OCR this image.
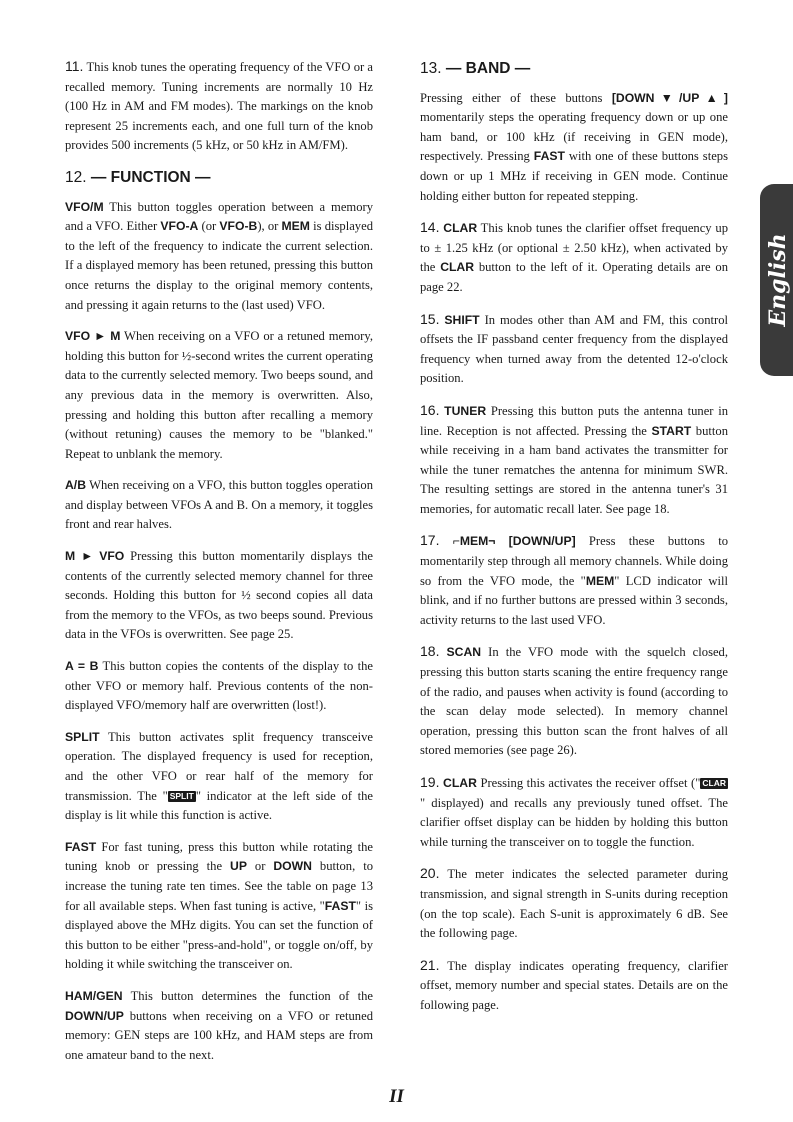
11. This knob tunes the operating frequency of the VFO or a recalled memory. Tuning increments are normally 10 Hz (100 Hz in AM and FM modes). The markings on the knob represent 25 increments each, and one full turn of the knob provides 500 increments (5 kHz, or 50 kHz in AM/FM).

12. — FUNCTION —

VFO/M This button toggles operation between a memory and a VFO. Either VFO-A (or VFO-B), or MEM is displayed to the left of the frequency to indicate the current selection. If a displayed memory has been retuned, pressing this button once returns the display to the original memory contents, and pressing it again returns to the (last used) VFO.

VFO ► M When receiving on a VFO or a retuned memory, holding this button for ½-second writes the current operating data to the currently selected memory. Two beeps sound, and any previous data in the memory is overwritten. Also, pressing and holding this button after recalling a memory (without retuning) causes the memory to be "blanked." Repeat to unblank the memory.

A/B When receiving on a VFO, this button toggles operation and display between VFOs A and B. On a memory, it toggles front and rear halves.

M ► VFO Pressing this button momentarily displays the contents of the currently selected memory channel for three seconds. Holding this button for ½ second copies all data from the memory to the VFOs, as two beeps sound. Previous data in the VFOs is overwritten. See page 25.

A = B This button copies the contents of the display to the other VFO or memory half. Previous contents of the non-displayed VFO/memory half are overwritten (lost!).

SPLIT This button activates split frequency transceive operation. The displayed frequency is used for reception, and the other VFO or rear half of the memory for transmission. The " SPLIT " indicator at the left side of the display is lit while this function is active.

FAST For fast tuning, press this button while rotating the tuning knob or pressing the UP or DOWN button, to increase the tuning rate ten times. See the table on page 13 for all available steps. When fast tuning is active, "FAST" is displayed above the MHz digits. You can set the function of this button to be either "press-and-hold", or toggle on/off, by holding it while switching the transceiver on.

HAM/GEN This button determines the function of the DOWN/UP buttons when receiving on a VFO or retuned memory: GEN steps are 100 kHz, and HAM steps are from one amateur band to the next.

13. — BAND —

Pressing either of these buttons [DOWN▼/UP▲] momentarily steps the operating frequency down or up one ham band, or 100 kHz (if receiving in GEN mode), respectively. Pressing FAST with one of these buttons steps down or up 1 MHz if receiving in GEN mode. Continue holding either button for repeated stepping.

14. CLAR This knob tunes the clarifier offset frequency up to ± 1.25 kHz (or optional ± 2.50 kHz), when activated by the CLAR button to the left of it. Operating details are on page 22.

15. SHIFT In modes other than AM and FM, this control offsets the IF passband center frequency from the displayed frequency when turned away from the detented 12-o'clock position.

16. TUNER Pressing this button puts the antenna tuner in line. Reception is not affected. Pressing the START button while receiving in a ham band activates the transmitter for while the tuner rematches the antenna for minimum SWR. The resulting settings are stored in the antenna tuner's 31 memories, for automatic recall later. See page 18.

17. ⌐MEM¬ [DOWN/UP] Press these buttons to momentarily step through all memory channels. While doing so from the VFO mode, the "MEM" LCD indicator will blink, and if no further buttons are pressed within 3 seconds, activity returns to the last used VFO.

18. SCAN In the VFO mode with the squelch closed, pressing this button starts scaning the entire frequency range of the radio, and pauses when activity is found (according to the scan delay mode selected). In memory channel operation, pressing this button scan the front halves of all stored memories (see page 26).

19. CLAR Pressing this activates the receiver offset (" CLAR" displayed) and recalls any previously tuned offset. The clarifier offset display can be hidden by holding this button while turning the transceiver on to toggle the function.

20. The meter indicates the selected parameter during transmission, and signal strength in S-units during reception (on the top scale). Each S-unit is approximately 6 dB. See the following page.

21. The display indicates operating frequency, clarifier offset, memory number and special states. Details are on the following page.

English
II
